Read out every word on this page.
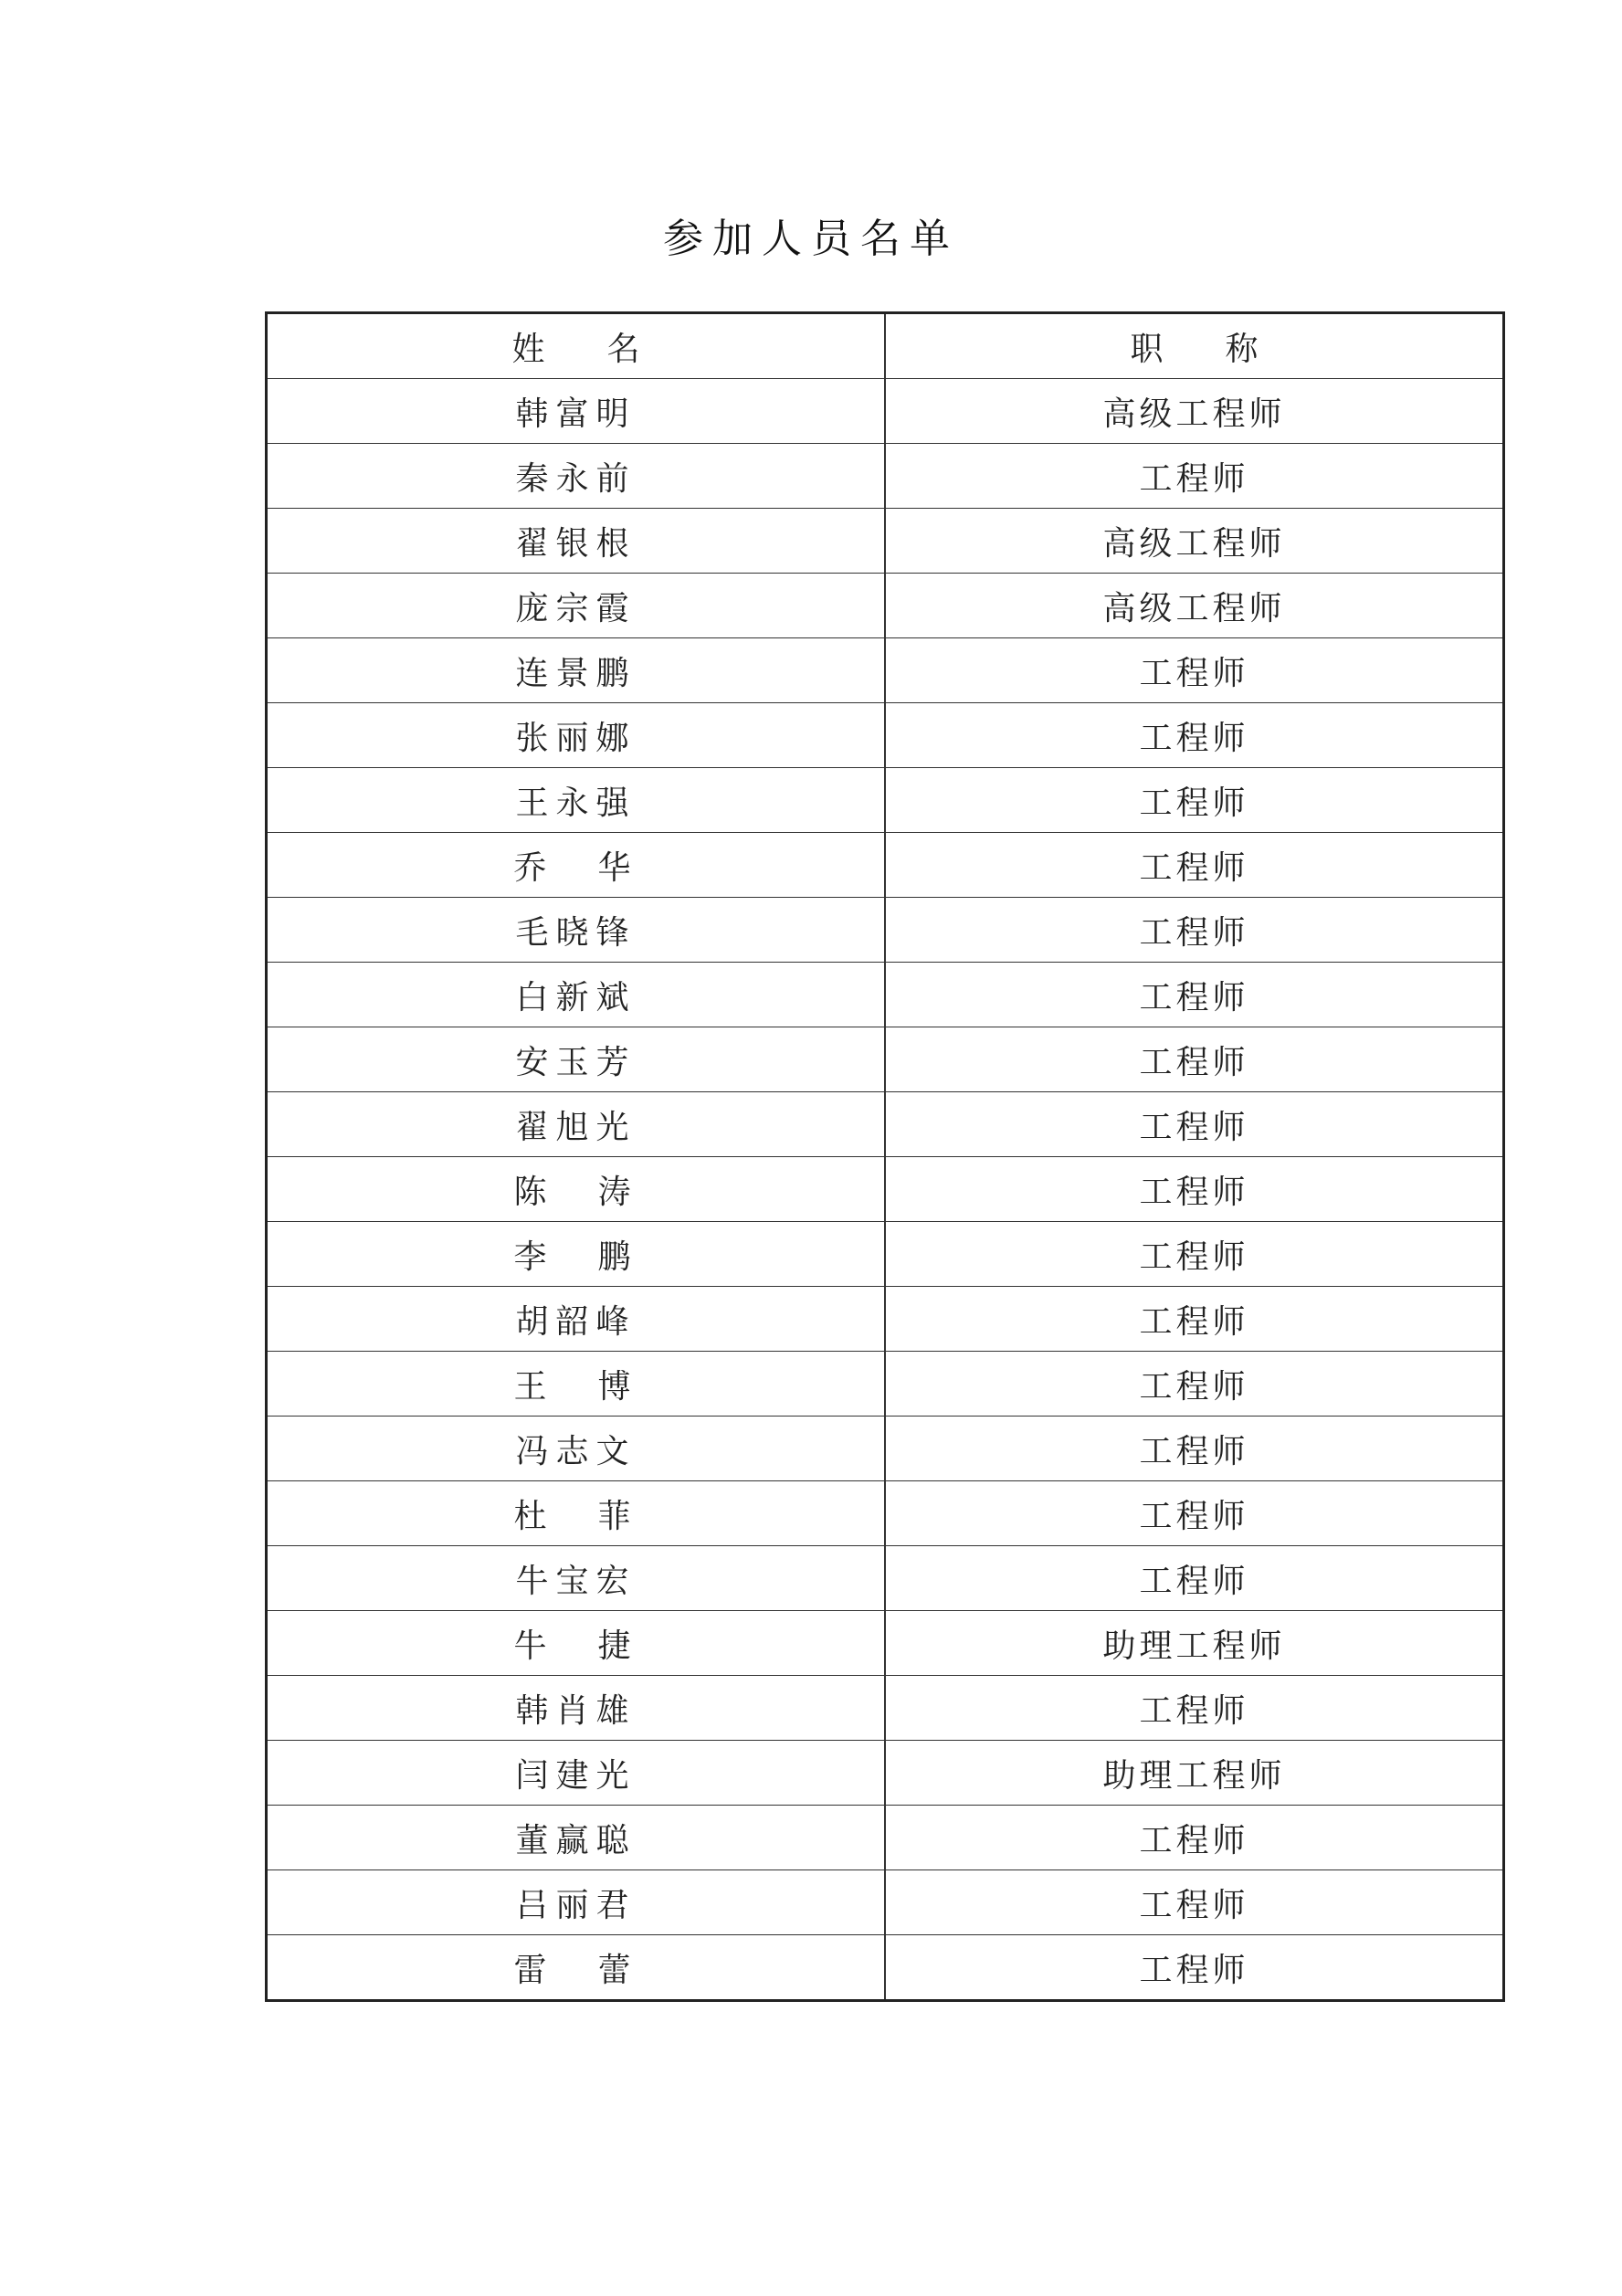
参加人员名单
姓 名	职 称

韩富明	高级工程师
秦永前	工程师
翟银根	高级工程师
庞宗霞	高级工程师
连景鹏	工程师
张丽娜	工程师
王永强	工程师

乔 华	工程师
毛晓锋	工程师
白新斌	工程师
安玉芳	工程师
翟旭光	工程师

陈 涛	工程师

李 鹏	工程师
胡韶峰	工程师

王 博	工程师
冯志文	工程师

杜 菲	工程师
牛宝宏	工程师

牛 捷	助理工程师
韩肖雄	工程师
闫建光	助理工程师
董赢聪	工程师
吕丽君	工程师

雷 蕾	工程师
